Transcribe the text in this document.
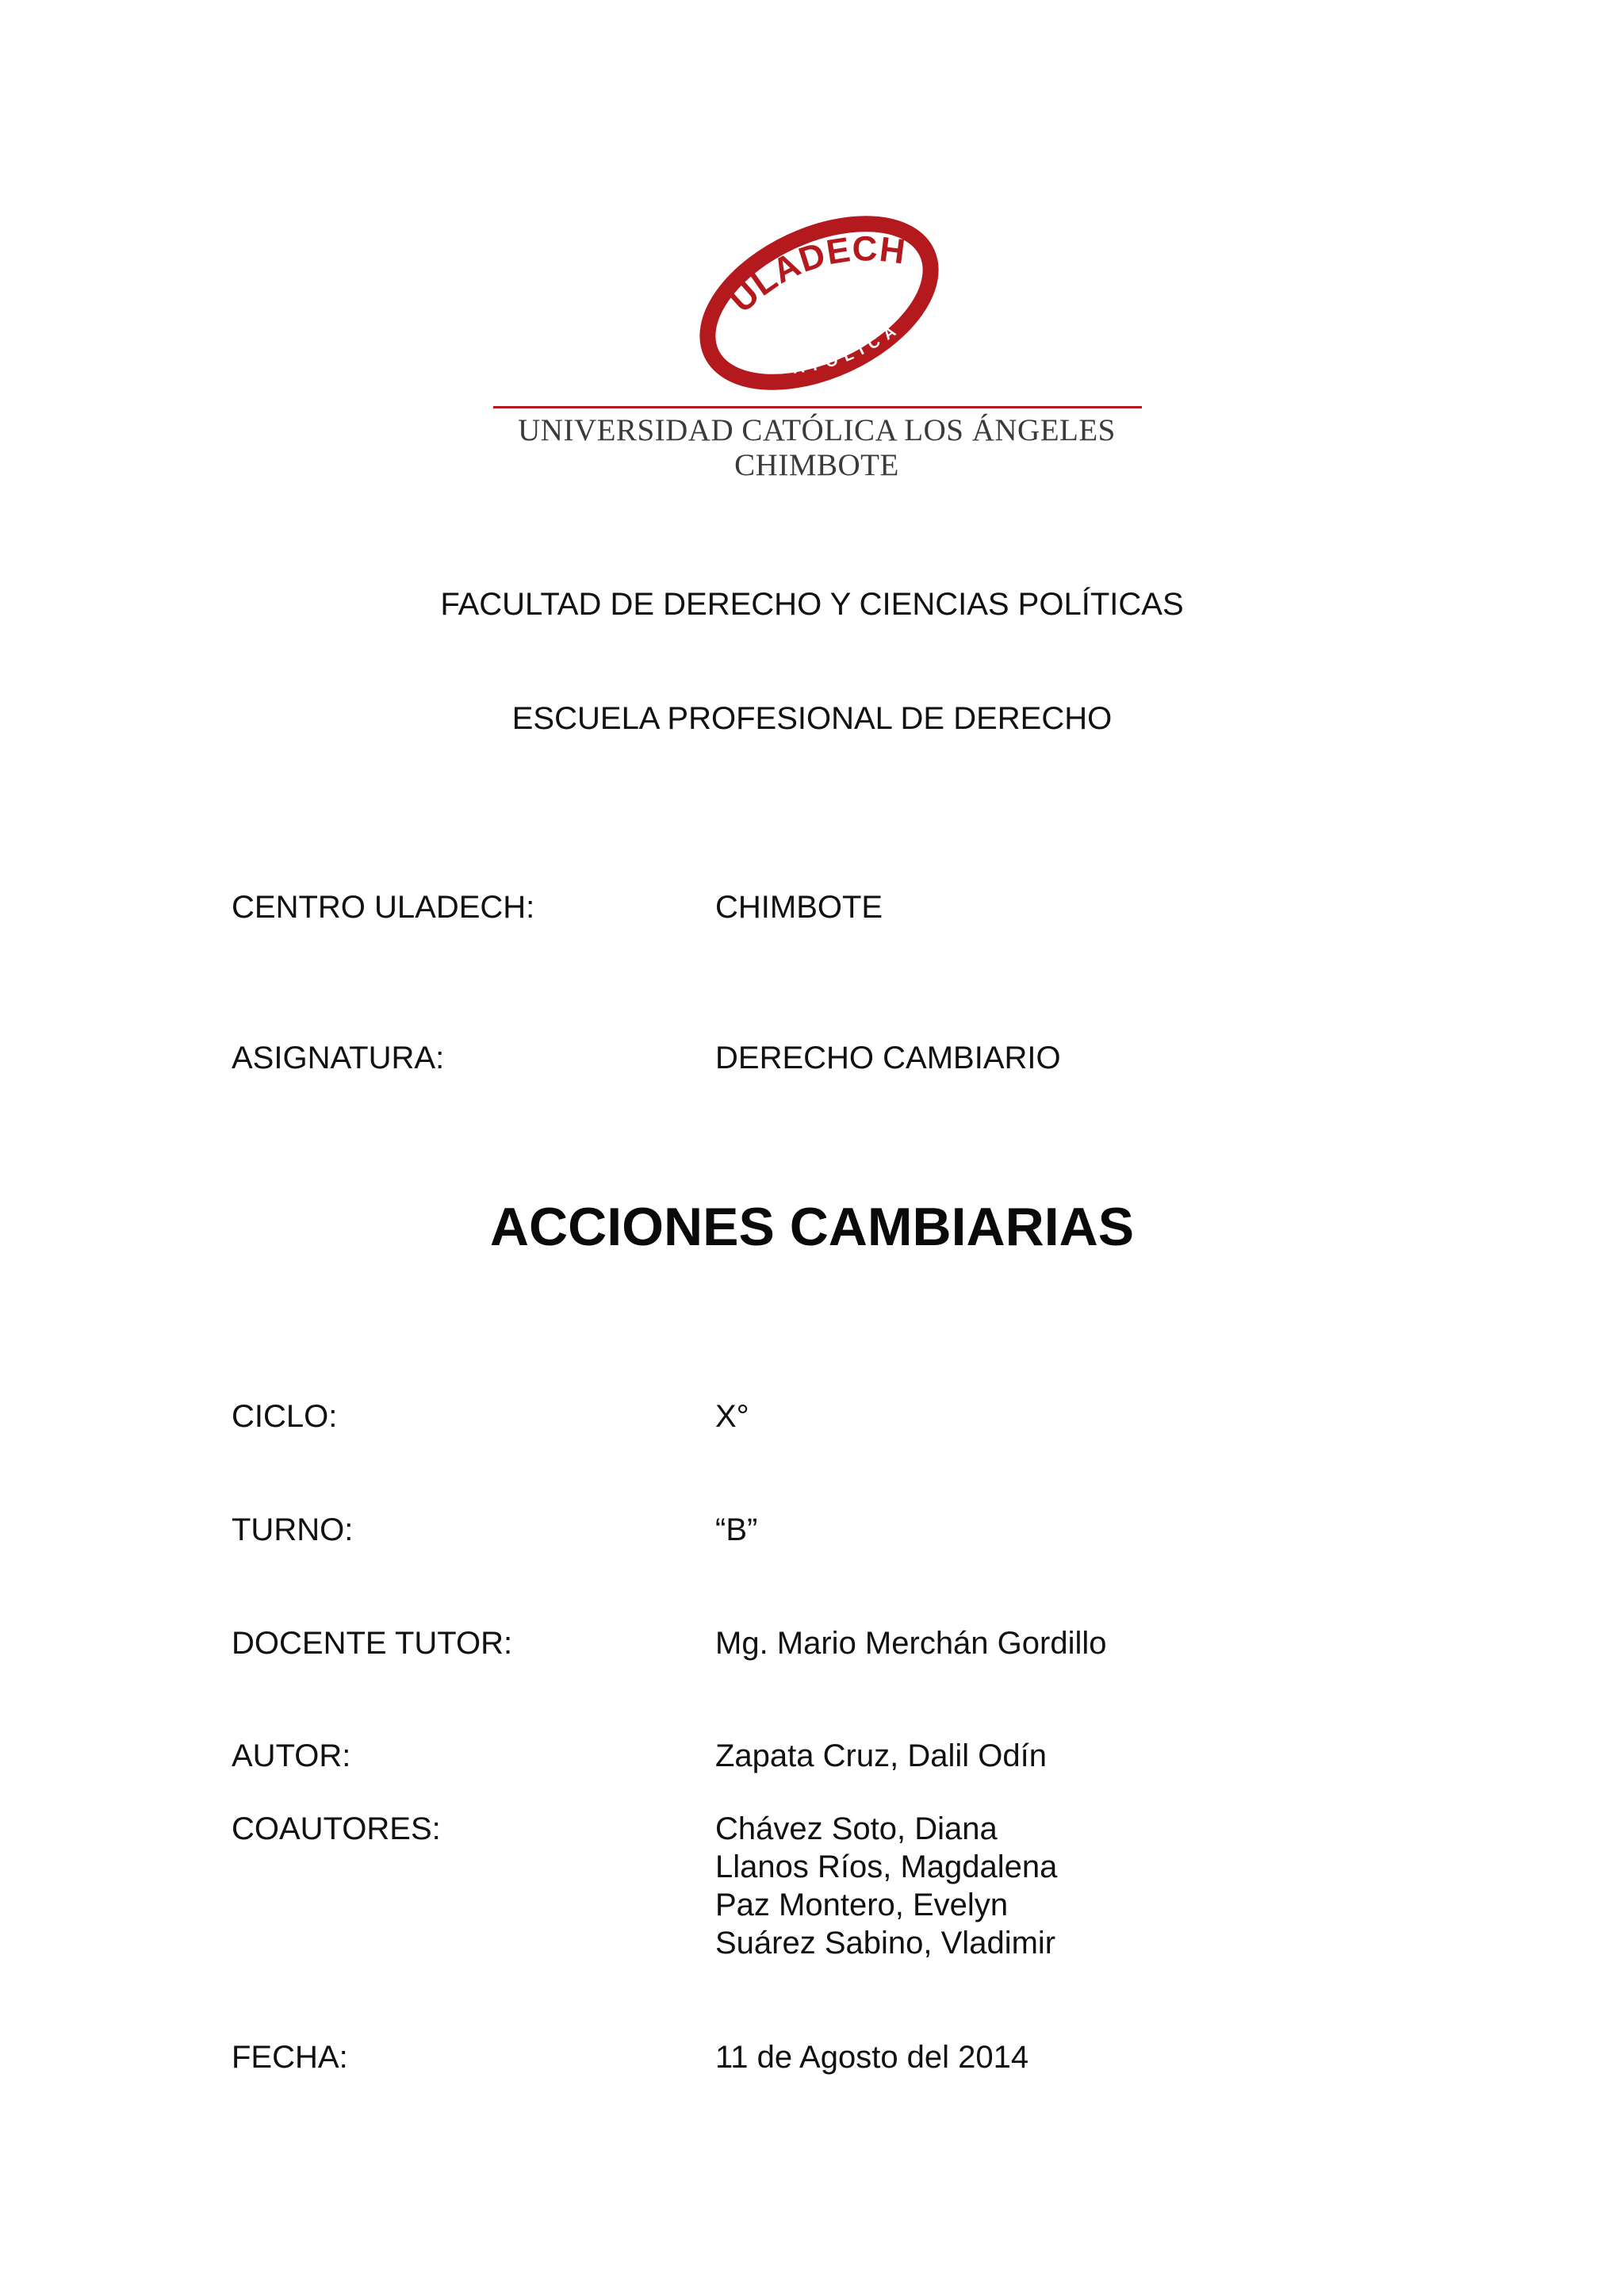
ULADECH
CATÓLICA
UNIVERSIDAD CATÓLICA LOS ÁNGELES
CHIMBOTE
FACULTAD DE DERECHO Y CIENCIAS POLÍTICAS
ESCUELA PROFESIONAL DE DERECHO
CENTRO ULADECH:	CHIMBOTE
ASIGNATURA:	DERECHO CAMBIARIO
ACCIONES CAMBIARIAS
CICLO:	X°
TURNO:	“B”
DOCENTE TUTOR:	Mg. Mario Merchán Gordillo
AUTOR:	Zapata Cruz, Dalil Odín
COAUTORES:	Chávez Soto, Diana
Llanos Ríos, Magdalena
Paz Montero, Evelyn
Suárez Sabino, Vladimir
FECHA:	11 de Agosto del 2014
